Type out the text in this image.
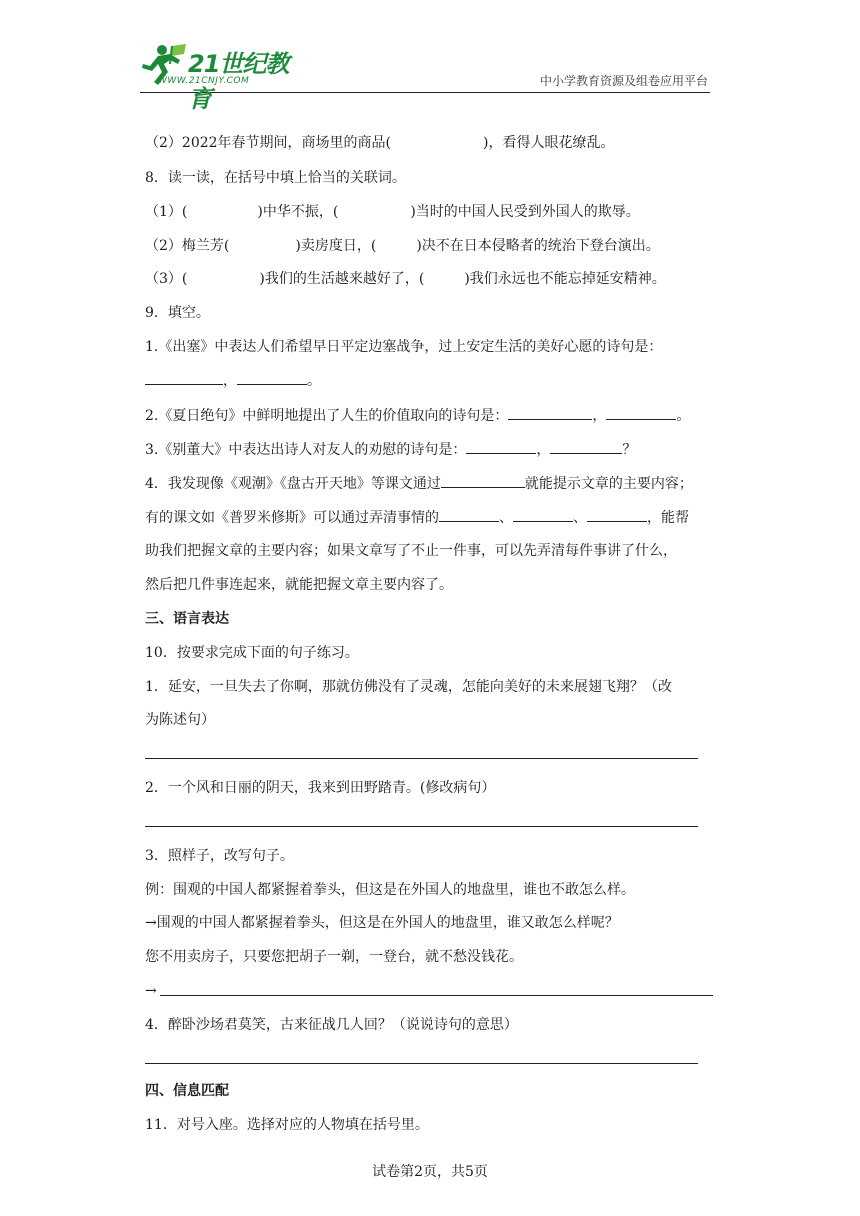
21世纪教育
WWW.21CNJY.COM	中小学教育资源及组卷应用平台
（2）2022年春节期间，商场里的商品(	)，看得人眼花缭乱。
8．读一读，在括号中填上恰当的关联词。
（1）(	)中华不振，(	)当时的中国人民受到外国人的欺辱。
（2）梅兰芳(	)卖房度日，(	)决不在日本侵略者的统治下登台演出。
（3）(	)我们的生活越来越好了，(	)我们永远也不能忘掉延安精神。
9．填空。
1.《出塞》中表达人们希望早日平定边塞战争，过上安定生活的美好心愿的诗句是：
，	。
2.《夏日绝句》中鲜明地提出了人生的价值取向的诗句是：	，	。
3.《别董大》中表达出诗人对友人的劝慰的诗句是：	，	？
4．我发现像《观潮》《盘古开天地》等课文通过	就能提示文章的主要内容；
有的课文如《普罗米修斯》可以通过弄清事情的	、	、	，能帮
助我们把握文章的主要内容；如果文章写了不止一件事，可以先弄清每件事讲了什么，
然后把几件事连起来，就能把握文章主要内容了。
三、语言表达
10．按要求完成下面的句子练习。
1．延安，一旦失去了你啊，那就仿佛没有了灵魂，怎能向美好的未来展翅飞翔？（改
为陈述句）
2．一个风和日丽的阴天，我来到田野踏青。(修改病句）
3．照样子，改写句子。
例：围观的中国人都紧握着拳头，但这是在外国人的地盘里，谁也不敢怎么样。
→围观的中国人都紧握着拳头，但这是在外国人的地盘里，谁又敢怎么样呢？
您不用卖房子，只要您把胡子一剃，一登台，就不愁没钱花。
→
4．醉卧沙场君莫笑，古来征战几人回？（说说诗句的意思）
四、信息匹配
11．对号入座。选择对应的人物填在括号里。
试卷第2页，共5页
